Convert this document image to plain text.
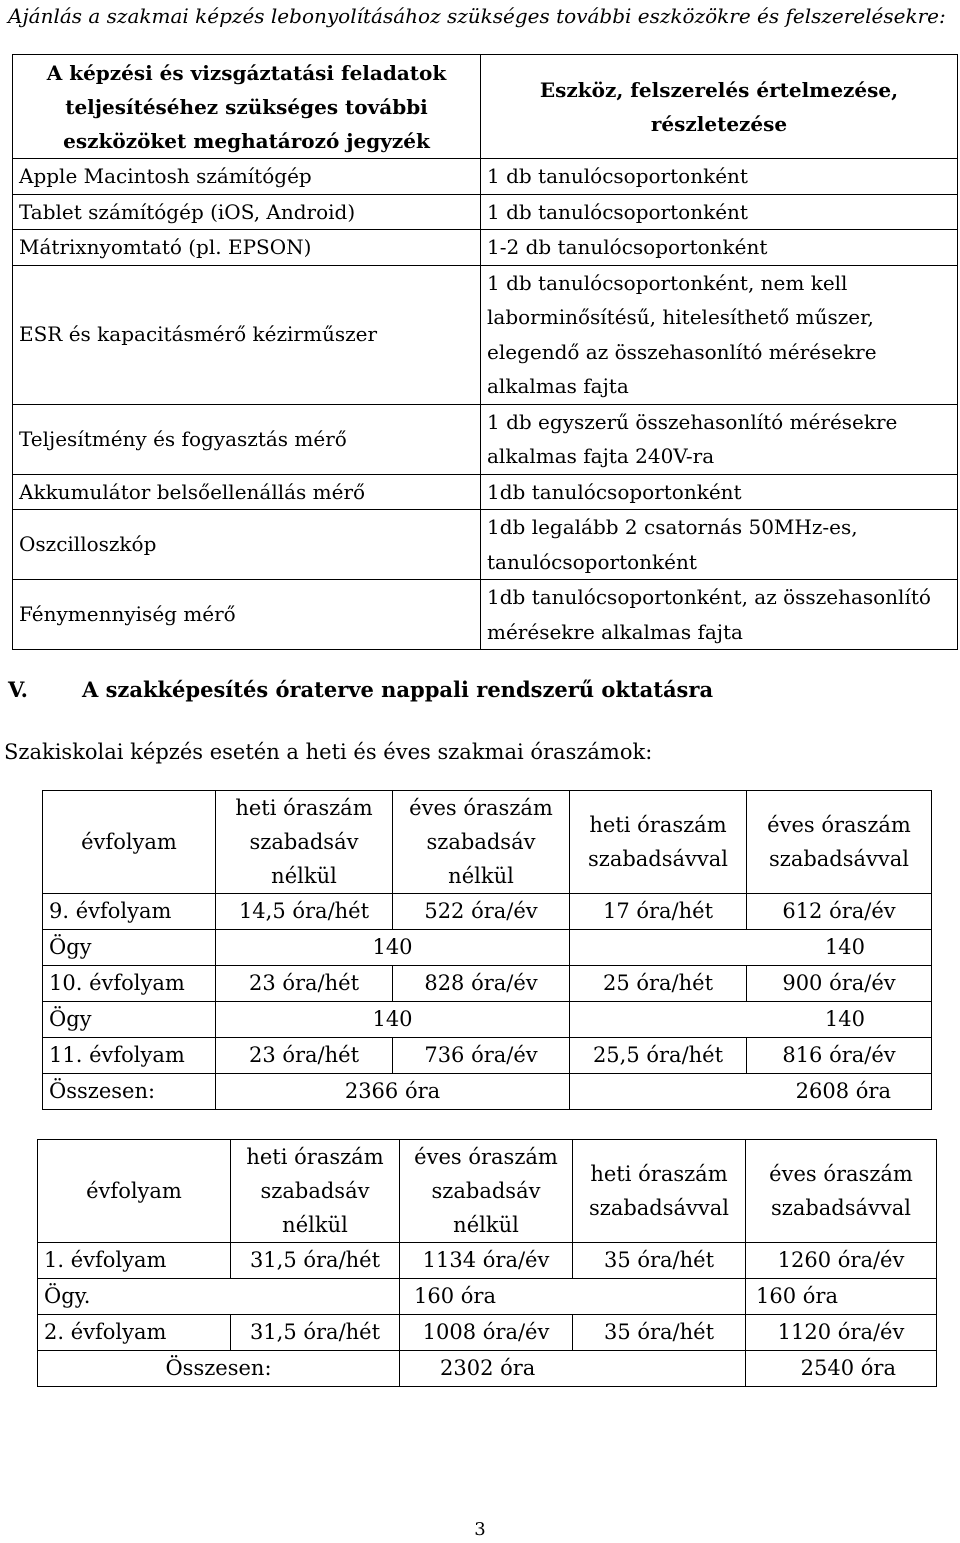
Ajánlás a szakmai képzés lebonyolításához szükséges további eszközökre és felszerelésekre:
A képzési és vizsgáztatási feladatok teljesítéséhez szükséges további eszközöket meghatározó jegyzék	Eszköz, felszerelés értelmezése, részletezése
Apple Macintosh számítógép	1 db tanulócsoportonként
Tablet számítógép (iOS, Android)	1 db tanulócsoportonként
Mátrixnyomtató (pl. EPSON)	1-2 db tanulócsoportonként
ESR és kapacitásmérő kézirműszer	1 db tanulócsoportonként, nem kell laborminősítésű, hitelesíthető műszer, elegendő az összehasonlító mérésekre alkalmas fajta
Teljesítmény és fogyasztás mérő	1 db egyszerű összehasonlító mérésekre alkalmas fajta 240V-ra
Akkumulátor belsőellenállás mérő	1db tanulócsoportonként
Oszcilloszkóp	1db legalább 2 csatornás 50MHz-es, tanulócsoportonként
Fénymennyiség mérő	1db tanulócsoportonként, az összehasonlító mérésekre alkalmas fajta
V.	A szakképesítés óraterve nappali rendszerű oktatásra
Szakiskolai képzés esetén a heti és éves szakmai óraszámok:
évfolyam	heti óraszám szabadsáv nélkül	éves óraszám szabadsáv nélkül	heti óraszám szabadsávval	éves óraszám szabadsávval
9. évfolyam	14,5 óra/hét	522 óra/év	17 óra/hét	612 óra/év
Ögy	140		140	
10. évfolyam	23 óra/hét	828 óra/év	25 óra/hét	900 óra/év
Ögy	140		140	
11. évfolyam	23 óra/hét	736 óra/év	25,5 óra/hét	816 óra/év
Összesen:	2366 óra		2608 óra	
évfolyam	heti óraszám szabadsáv nélkül	éves óraszám szabadsáv nélkül	heti óraszám szabadsávval	éves óraszám szabadsávval
1. évfolyam	31,5 óra/hét	1134 óra/év	35 óra/hét	1260 óra/év
Ögy.		160 óra		160 óra
2. évfolyam	31,5 óra/hét	1008 óra/év	35 óra/hét	1120 óra/év
Összesen:		2302 óra		2540 óra
3
